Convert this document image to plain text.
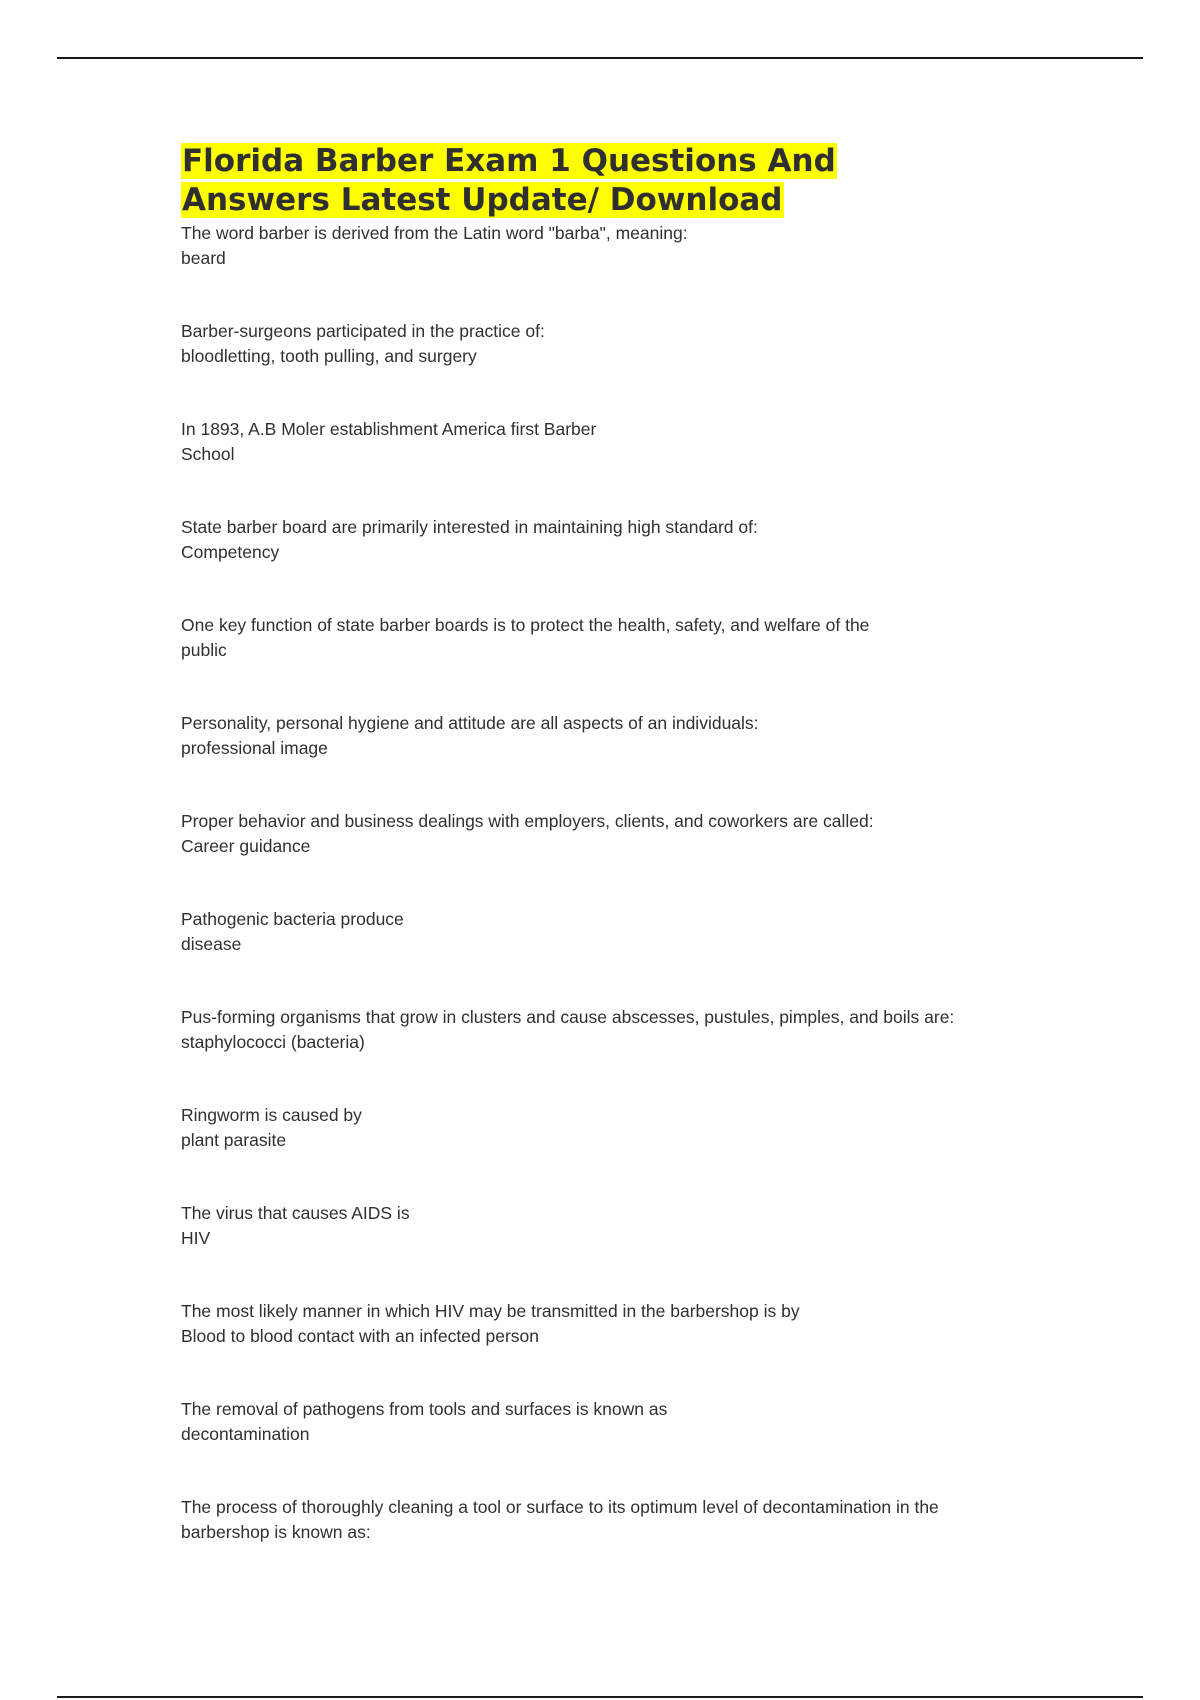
Florida Barber Exam 1 Questions And
Answers Latest Update/ Download
The word barber is derived from the Latin word "barba", meaning:
beard
Barber-surgeons participated in the practice of:
bloodletting, tooth pulling, and surgery
In 1893, A.B Moler establishment America first Barber
School
State barber board are primarily interested in maintaining high standard of:
Competency
One key function of state barber boards is to protect the health, safety, and welfare of the
public
Personality, personal hygiene and attitude are all aspects of an individuals:
professional image
Proper behavior and business dealings with employers, clients, and coworkers are called:
Career guidance
Pathogenic bacteria produce
disease
Pus-forming organisms that grow in clusters and cause abscesses, pustules, pimples, and boils are:
staphylococci (bacteria)
Ringworm is caused by
plant parasite
The virus that causes AIDS is
HIV
The most likely manner in which HIV may be transmitted in the barbershop is by
Blood to blood contact with an infected person
The removal of pathogens from tools and surfaces is known as
decontamination
The process of thoroughly cleaning a tool or surface to its optimum level of decontamination in the
barbershop is known as:
